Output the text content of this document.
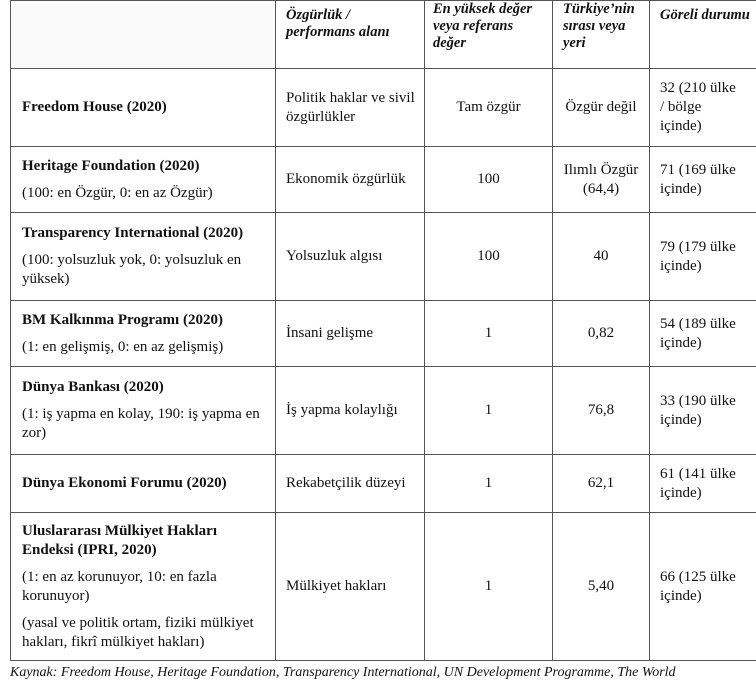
	Özgürlük / performans alanı	En yüksek değer veya referans değer	Türkiye’nin sırası veya yeri	Göreli durumu

Freedom House (2020)	Politik haklar ve sivil özgürlükler	Tam özgür	Özgür değil	32 (210 ülke
/ bölge
içinde)

Heritage Foundation (2020)
(100: en Özgür, 0: en az Özgür)	Ekonomik özgürlük	100	Ilımlı Özgür
(64,4)	71 (169 ülke
içinde)

Transparency International (2020)
(100: yolsuzluk yok, 0: yolsuzluk en yüksek)	Yolsuzluk algısı	100	40	79 (179 ülke
içinde)

BM Kalkınma Programı (2020)
(1: en gelişmiş, 0: en az gelişmiş)	İnsani gelişme	1	0,82	54 (189 ülke
içinde)

Dünya Bankası (2020)
(1: iş yapma en kolay, 190: iş yapma en zor)	İş yapma kolaylığı	1	76,8	33 (190 ülke
içinde)

Dünya Ekonomi Forumu (2020)	Rekabetçilik düzeyi	1	62,1	61 (141 ülke
içinde)

Uluslararası Mülkiyet Hakları Endeksi (IPRI, 2020)
(1: en az korunuyor, 10: en fazla korunuyor)
(yasal ve politik ortam, fiziki mülkiyet hakları, fikrî mülkiyet hakları)	Mülkiyet hakları	1	5,40	66 (125 ülke
içinde)
Kaynak: Freedom House, Heritage Foundation, Transparency International, UN Development Programme, The World
